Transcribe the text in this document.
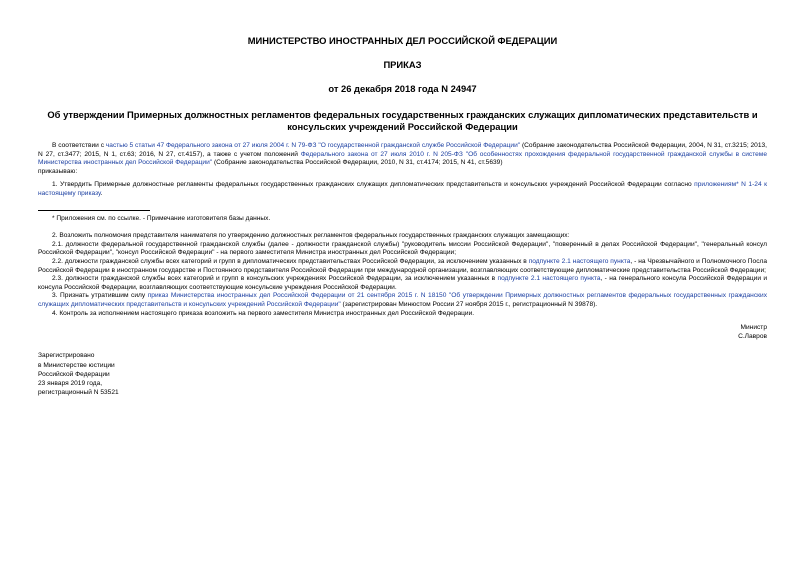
МИНИСТЕРСТВО ИНОСТРАННЫХ ДЕЛ РОССИЙСКОЙ ФЕДЕРАЦИИ
ПРИКАЗ
от 26 декабря 2018 года N 24947
Об утверждении Примерных должностных регламентов федеральных государственных гражданских служащих дипломатических представительств и консульских учреждений Российской Федерации

В соответствии с частью 5 статьи 47 Федерального закона от 27 июля 2004 г. N 79-ФЗ "О государственной гражданской службе Российской Федерации" (Собрание законодательства Российской Федерации, 2004, N 31, ст.3215; 2013, N 27, ст.3477; 2015, N 1, ст.63; 2016, N 27, ст.4157), а также с учетом положений Федерального закона от 27 июля 2010 г. N 205-ФЗ "Об особенностях прохождения федеральной государственной гражданской службы в системе Министерства иностранных дел Российской Федерации" (Собрание законодательства Российской Федерации, 2010, N 31, ст.4174; 2015, N 41, ст.5639)

приказываю:

1. Утвердить Примерные должностные регламенты федеральных государственных гражданских служащих дипломатических представительств и консульских учреждений Российской Федерации согласно приложениям* N 1-24 к настоящему приказу.

* Приложения см. по ссылке. - Примечание изготовителя базы данных.

2. Возложить полномочия представителя нанимателя по утверждению должностных регламентов федеральных государственных гражданских служащих замещающих:

2.1. должности федеральной государственной гражданской службы (далее - должности гражданской службы) "руководитель миссии Российской Федерации", "поверенный в делах Российской Федерации", "генеральный консул Российской Федерации", "консул Российской Федерации" - на первого заместителя Министра иностранных дел Российской Федерации;

2.2. должности гражданской службы всех категорий и групп в дипломатических представительствах Российской Федерации, за исключением указанных в подпункте 2.1 настоящего пункта, - на Чрезвычайного и Полномочного Посла Российской Федерации в иностранном государстве и Постоянного представителя Российской Федерации при международной организации, возглавляющих соответствующие дипломатические представительства Российской Федерации;

2.3. должности гражданской службы всех категорий и групп в консульских учреждениях Российской Федерации, за исключением указанных в подпункте 2.1 настоящего пункта, - на генерального консула Российской Федерации и консула Российской Федерации, возглавляющих соответствующие консульские учреждения Российской Федерации.

3. Признать утратившим силу приказ Министерства иностранных дел Российской Федерации от 21 сентября 2015 г. N 18150 "Об утверждении Примерных должностных регламентов федеральных государственных гражданских служащих дипломатических представительств и консульских учреждений Российской Федерации" (зарегистрирован Минюстом России 27 ноября 2015 г., регистрационный N 39878).

4. Контроль за исполнением настоящего приказа возложить на первого заместителя Министра иностранных дел Российской Федерации.

Министр
С.Лавров
Зарегистрировано
в Министерстве юстиции
Российской Федерации
23 января 2019 года,
регистрационный N 53521
